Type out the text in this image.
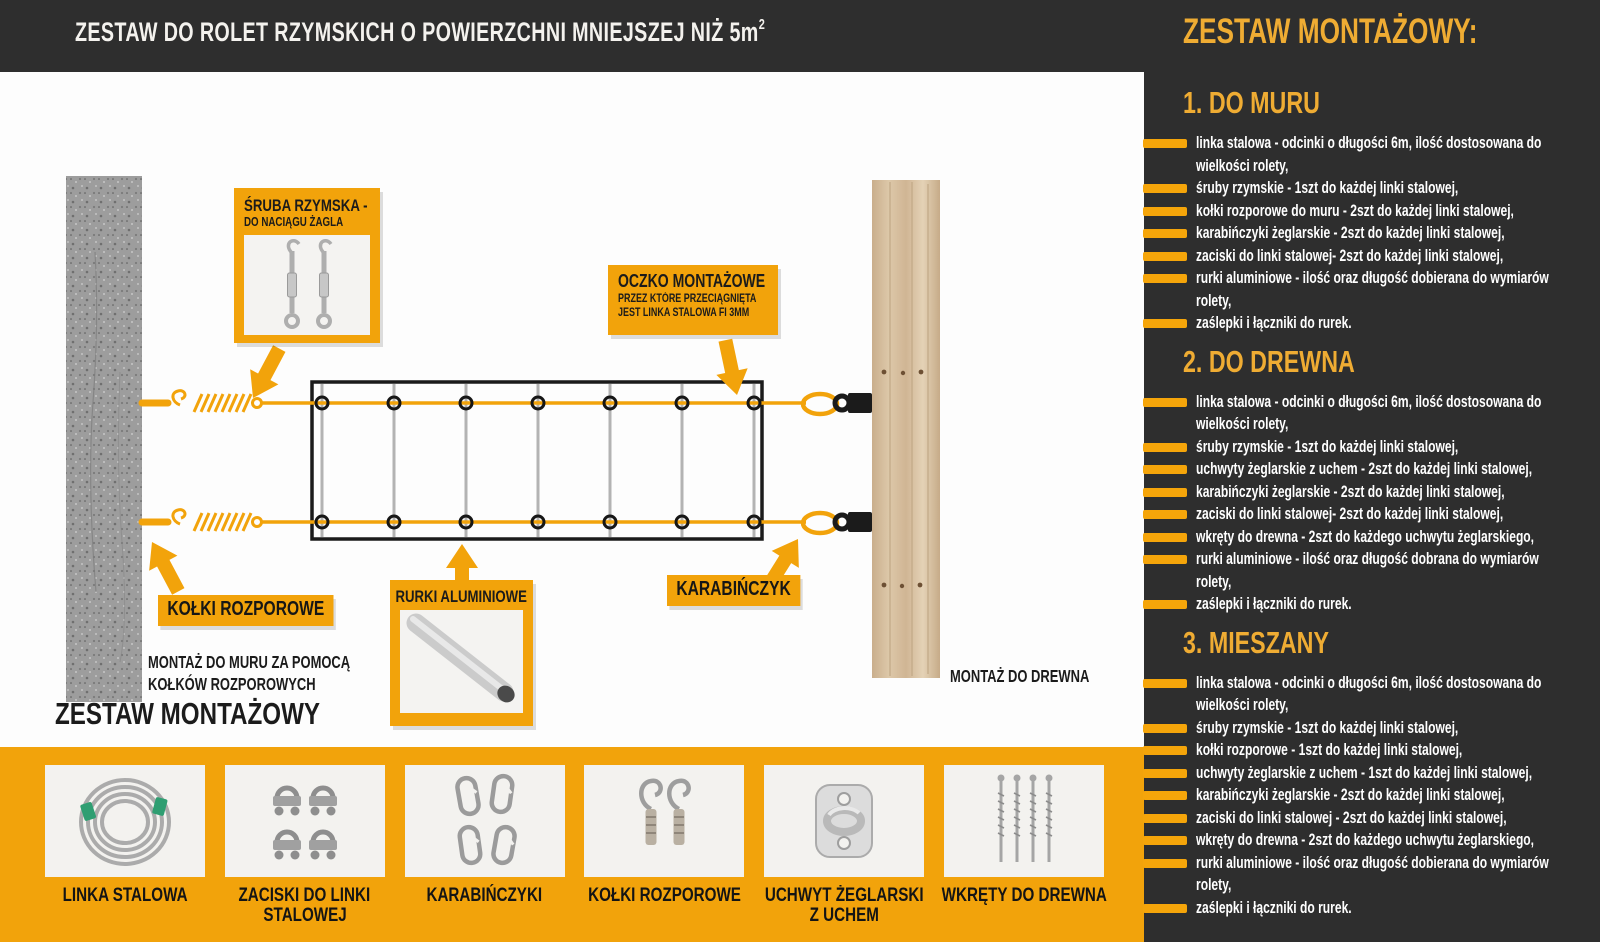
ZESTAW DO ROLET RZYMSKICH O POWIERZCHNI MNIEJSZEJ NIŻ $5m^2$
ŚRUBA RZYMSKA -
DO NACIĄGU ŻAGLA
OCZKO MONTAŻOWE
PRZEZ KTÓRE PRZECIĄGNIĘTA
JEST LINKA STALOWA FI 3MM
KOŁKI ROZPOROWE
KARABIŃCZYK
RURKI ALUMINIOWE
MONTAŻ DO MURU ZA POMOCĄ
KOŁKÓW ROZPOROWYCH	MONTAŻ DO DREWNA
ZESTAW MONTAŻOWY
LINKA STALOWA	ZACISKI DO LINKI
STALOWEJ
KARABIŃCZYKI KOŁKI ROZPOROWE UCHWYT ŻEGLARSKI
Z UCHEM
WKRĘTY DO DREWNA
ZESTAW MONTAŻOWY:
1. DO MURU
linka stalowa - odcinki o długości 6m, ilość dostosowana do
wielkości rolety,
śruby rzymskie - 1szt do każdej linki stalowej,
kołki rozporowe do muru - 2szt do każdej linki stalowej,
karabińczyki żeglarskie - 2szt do każdej linki stalowej,
zaciski do linki stalowej- 2szt do każdej linki stalowej,
rurki aluminiowe - ilość oraz długość dobierana do wymiarów
rolety,
zaślepki i łączniki do rurek.
2. DO DREWNA
linka stalowa - odcinki o długości 6m, ilość dostosowana do
wielkości rolety,
śruby rzymskie - 1szt do każdej linki stalowej,
uchwyty żeglarskie z uchem - 2szt do każdej linki stalowej,
karabińczyki żeglarskie - 2szt do każdej linki stalowej,
zaciski do linki stalowej- 2szt do każdej linki stalowej,
wkręty do drewna - 2szt do każdego uchwytu żeglarskiego,
rurki aluminiowe - ilość oraz długość dobrana do wymiarów
rolety,
zaślepki i łączniki do rurek.
3. MIESZANY
linka stalowa - odcinki o długości 6m, ilość dostosowana do
wielkości rolety,
śruby rzymskie - 1szt do każdej linki stalowej,
kołki rozporowe - 1szt do każdej linki stalowej,
uchwyty żeglarskie z uchem - 1szt do każdej linki stalowej,
karabińczyki żeglarskie - 2szt do każdej linki stalowej,
zaciski do linki stalowej - 2szt do każdej linki stalowej,
wkręty do drewna - 2szt do każdego uchwytu żeglarskiego,
rurki aluminiowe - ilość oraz długość dobierana do wymiarów
rolety,
zaślepki i łączniki do rurek.
